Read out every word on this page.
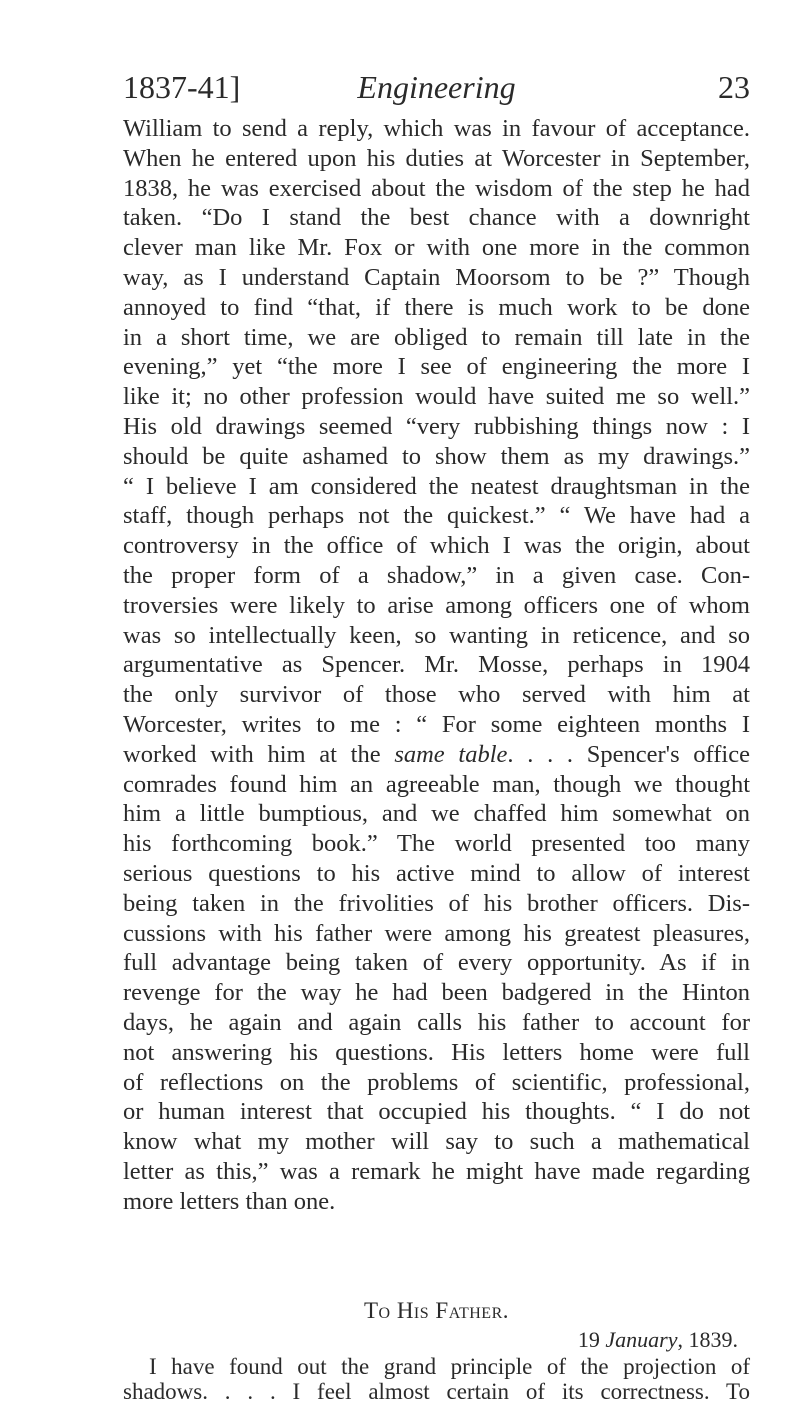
1837-41]	Engineering	23
William to send a reply, which was in favour of acceptance.
When he entered upon his duties at Worcester in September,
1838, he was exercised about the wisdom of the step he had
taken. “Do I stand the best chance with a downright
clever man like Mr. Fox or with one more in the common
way, as I understand Captain Moorsom to be ?” Though
annoyed to find “that, if there is much work to be done
in a short time, we are obliged to remain till late in the
evening,” yet “the more I see of engineering the more I
like it; no other profession would have suited me so well.”
His old drawings seemed “very rubbishing things now : I
should be quite ashamed to show them as my drawings.”
“ I believe I am considered the neatest draughtsman in the
staff, though perhaps not the quickest.” “ We have had a
controversy in the office of which I was the origin, about
the proper form of a shadow,” in a given case. Con-
troversies were likely to arise among officers one of whom
was so intellectually keen, so wanting in reticence, and so
argumentative as Spencer. Mr. Mosse, perhaps in 1904
the only survivor of those who served with him at
Worcester, writes to me : “ For some eighteen months I
worked with him at the same table. . . . Spencer's office
comrades found him an agreeable man, though we thought
him a little bumptious, and we chaffed him somewhat on
his forthcoming book.” The world presented too many
serious questions to his active mind to allow of interest
being taken in the frivolities of his brother officers. Dis-
cussions with his father were among his greatest pleasures,
full advantage being taken of every opportunity. As if in
revenge for the way he had been badgered in the Hinton
days, he again and again calls his father to account for
not answering his questions. His letters home were full
of reflections on the problems of scientific, professional,
or human interest that occupied his thoughts. “ I do not
know what my mother will say to such a mathematical
letter as this,” was a remark he might have made regarding
more letters than one.
To His Father.
19 January, 1839.
I have found out the grand principle of the projection of
shadows. . . . I feel almost certain of its correctness. To
